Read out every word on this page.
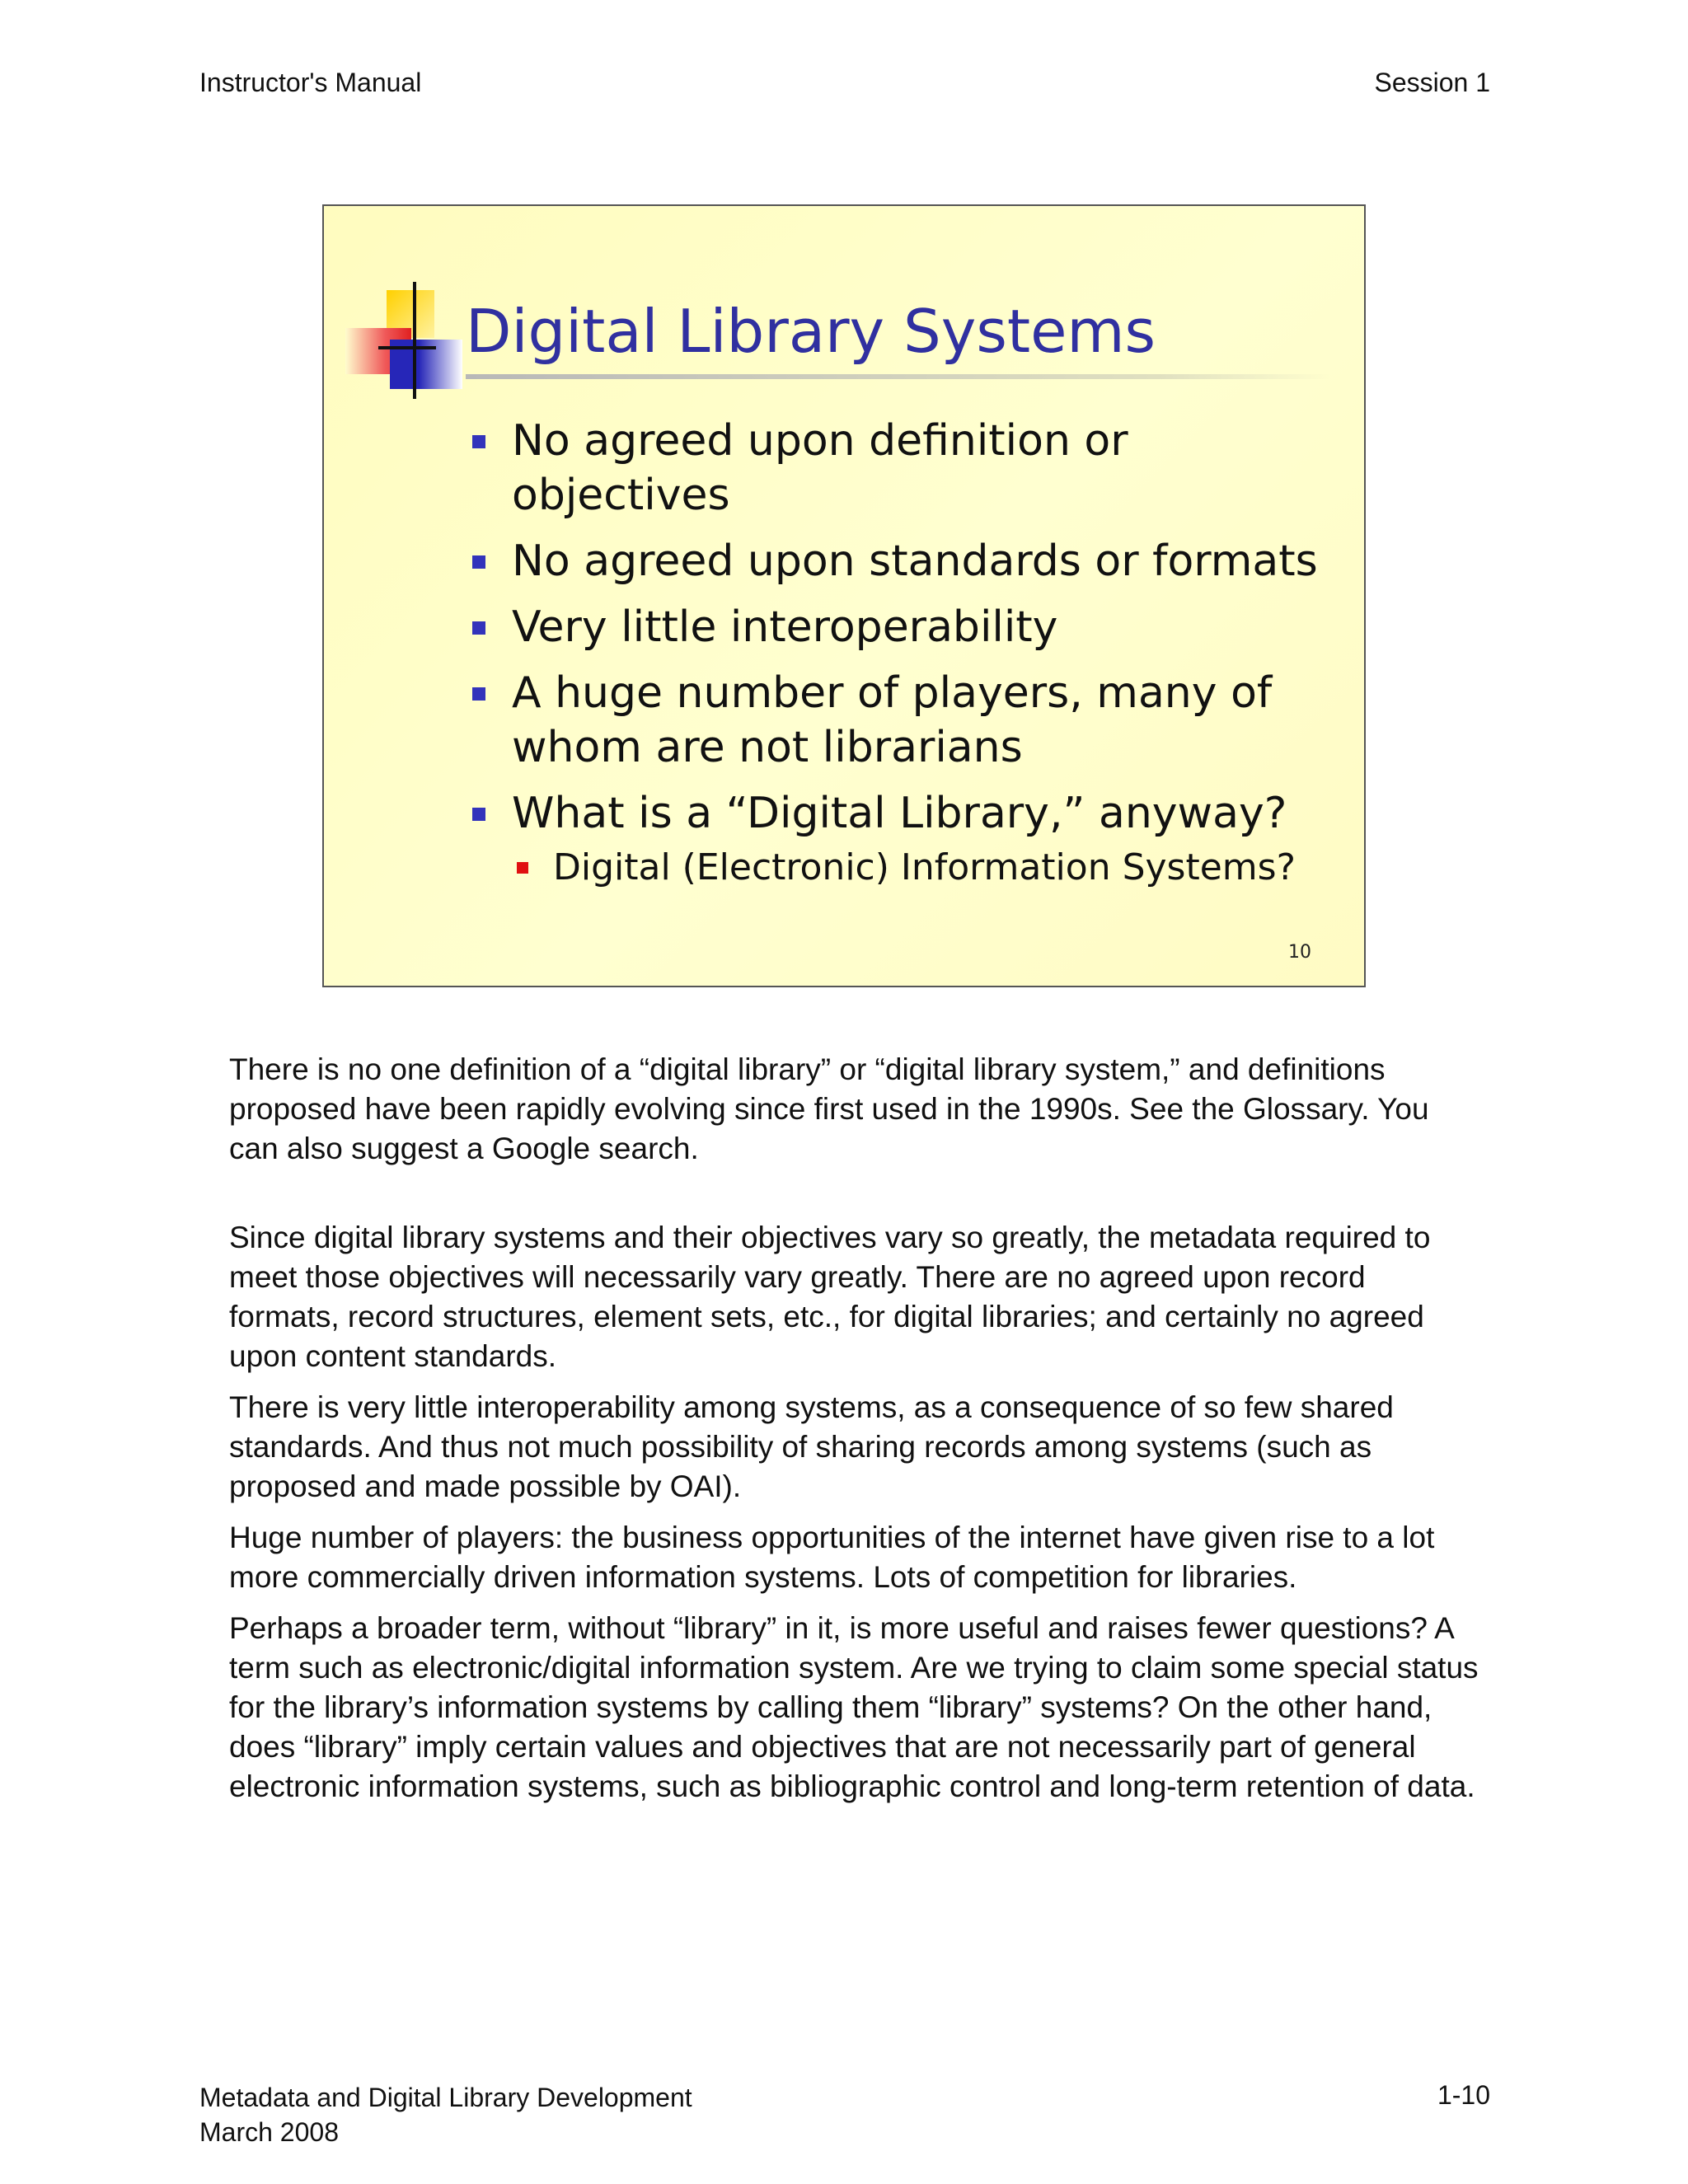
Instructor's Manual	Session 1
Digital Library Systems
No agreed upon definition or objectives
No agreed upon standards or formats
Very little interoperability
A huge number of players, many of whom are not librarians
What is a “Digital Library,” anyway?
Digital (Electronic) Information Systems?
10

There is no one definition of a “digital library” or “digital library system,” and definitions proposed have been rapidly evolving since first used in the 1990s. See the Glossary. You can also suggest a Google search.

Since digital library systems and their objectives vary so greatly, the metadata required to meet those objectives will necessarily vary greatly. There are no agreed upon record formats, record structures, element sets, etc., for digital libraries; and certainly no agreed upon content standards.

There is very little interoperability among systems, as a consequence of so few shared standards. And thus not much possibility of sharing records among systems (such as proposed and made possible by OAI).

Huge number of players: the business opportunities of the internet have given rise to a lot more commercially driven information systems. Lots of competition for libraries.

Perhaps a broader term, without “library” in it, is more useful and raises fewer questions? A term such as electronic/digital information system. Are we trying to claim some special status for the library’s information systems by calling them “library” systems? On the other hand, does “library” imply certain values and objectives that are not necessarily part of general electronic information systems, such as bibliographic control and long-term retention of data.

Metadata and Digital Library Development
March 2008
1-10
